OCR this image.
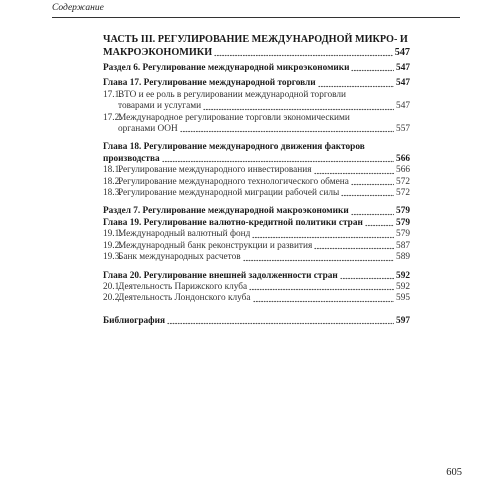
Содержание
ЧАСТЬ III. РЕГУЛИРОВАНИЕ МЕЖДУНАРОДНОЙ МИКРО- И
МАКРОЭКОНОМИКИ	547
Раздел 6. Регулирование международной микроэкономики	547
Глава 17. Регулирование международной торговли	547
17.1.ВТО и ее роль в регулировании международной торговли
товарами и услугами	547
17.2.Международное регулирование торговли экономическими
органами ООН	557
Глава 18. Регулирование международного движения факторов
производства	566
18.1.Регулирование международного инвестирования	566
18.2.Регулирование международного технологического обмена	572
18.3.Регулирование международной миграции рабочей силы	572
Раздел 7. Регулирование международной макроэкономики	579
Глава 19. Регулирование валютно-кредитной политики стран	579
19.1.Международный валютный фонд	579
19.2.Международный банк реконструкции и развития	587
19.3.Банк международных расчетов	589
Глава 20. Регулирование внешней задолженности стран	592
20.1.Деятельность Парижского клуба	592
20.2.Деятельность Лондонского клуба	595
Библиография	597
605
